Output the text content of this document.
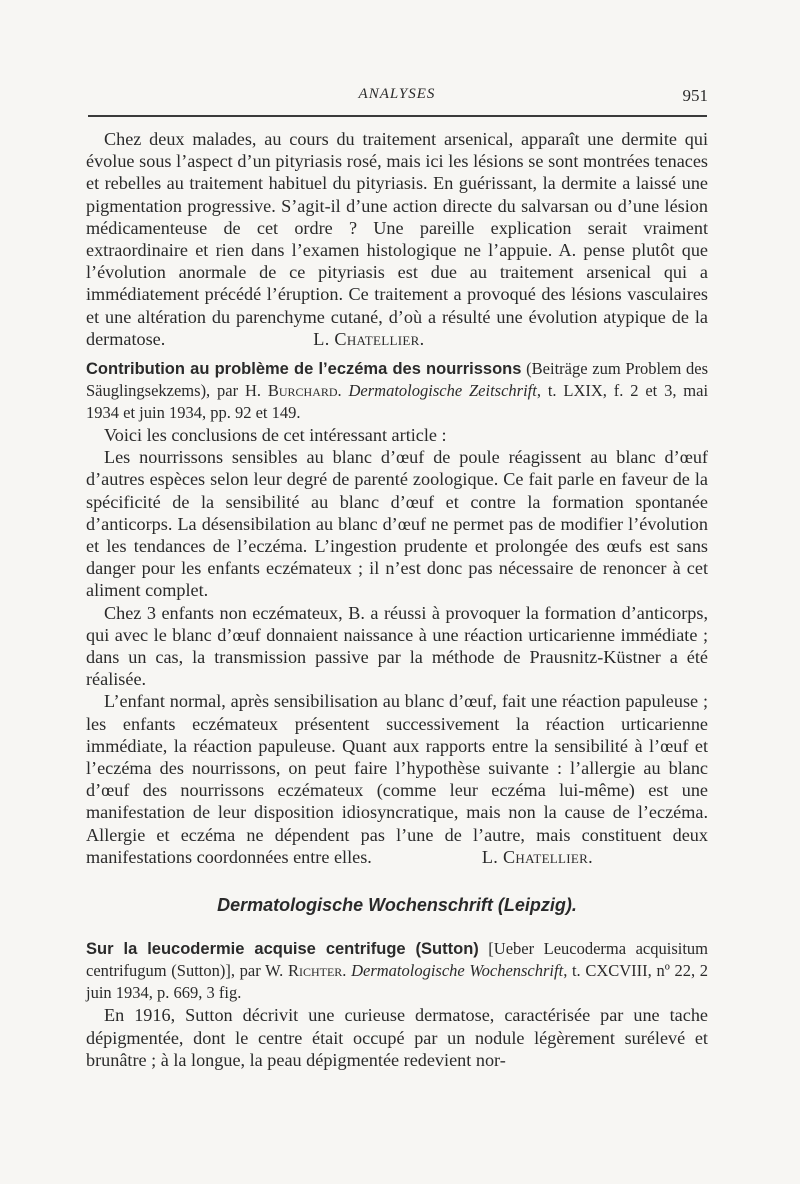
ANALYSES	951

Chez deux malades, au cours du traitement arsenical, apparaît une dermite qui évolue sous l’aspect d’un pityriasis rosé, mais ici les lésions se sont montrées tenaces et rebelles au traitement habituel du pityriasis. En guérissant, la dermite a laissé une pigmentation progressive. S’agit-il d’une action directe du salvarsan ou d’une lésion médicamenteuse de cet ordre ? Une pareille explication serait vraiment extraordinaire et rien dans l’examen histologique ne l’appuie. A. pense plutôt que l’évolution anormale de ce pityriasis est due au traitement arsenical qui a immédiatement précédé l’éruption. Ce traitement a provoqué des lésions vasculaires et une altération du parenchyme cutané, d’où a résulté une évolution atypique de la dermatose.	L. Chatellier.

Contribution au problème de l’eczéma des nourrissons (Beiträge zum Problem des Säuglingsekzems), par H. Burchard. Dermatologische Zeitschrift, t. LXIX, f. 2 et 3, mai 1934 et juin 1934, pp. 92 et 149.

Voici les conclusions de cet intéressant article :

Les nourrissons sensibles au blanc d’œuf de poule réagissent au blanc d’œuf d’autres espèces selon leur degré de parenté zoologique. Ce fait parle en faveur de la spécificité de la sensibilité au blanc d’œuf et contre la formation spontanée d’anticorps. La désensibilation au blanc d’œuf ne permet pas de modifier l’évolution et les tendances de l’eczéma. L’ingestion prudente et prolongée des œufs est sans danger pour les enfants eczémateux ; il n’est donc pas nécessaire de renoncer à cet aliment complet.

Chez 3 enfants non eczémateux, B. a réussi à provoquer la formation d’anticorps, qui avec le blanc d’œuf donnaient naissance à une réaction urticarienne immédiate ; dans un cas, la transmission passive par la méthode de Prausnitz-Küstner a été réalisée.

L’enfant normal, après sensibilisation au blanc d’œuf, fait une réaction papuleuse ; les enfants eczémateux présentent successivement la réaction urticarienne immédiate, la réaction papuleuse. Quant aux rapports entre la sensibilité à l’œuf et l’eczéma des nourrissons, on peut faire l’hypothèse suivante : l’allergie au blanc d’œuf des nourrissons eczémateux (comme leur eczéma lui-même) est une manifestation de leur disposition idiosyncratique, mais non la cause de l’eczéma. Allergie et eczéma ne dépendent pas l’une de l’autre, mais constituent deux manifestations coordonnées entre elles.	L. Chatellier.

Dermatologische Wochenschrift (Leipzig).
Sur la leucodermie acquise centrifuge (Sutton) [Ueber Leucoderma acquisitum centrifugum (Sutton)], par W. Richter. Dermatologische Wochenschrift, t. CXCVIII, nº 22, 2 juin 1934, p. 669, 3 fig.

En 1916, Sutton décrivit une curieuse dermatose, caractérisée par une tache dépigmentée, dont le centre était occupé par un nodule légèrement surélevé et brunâtre ; à la longue, la peau dépigmentée redevient nor-
